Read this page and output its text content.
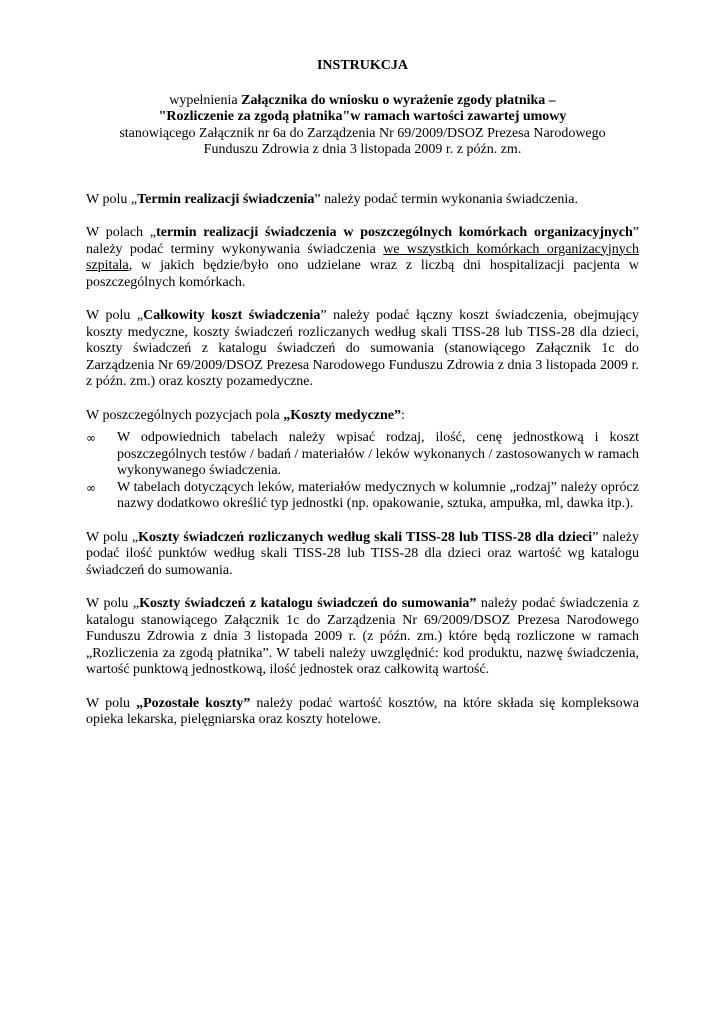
INSTRUKCJA
wypełnienia Załącznika do wniosku o wyrażenie zgody płatnika –
"Rozliczenie za zgodą płatnika"w ramach wartości zawartej umowy
stanowiącego Załącznik nr 6a do Zarządzenia Nr 69/2009/DSOZ Prezesa Narodowego
Funduszu Zdrowia z dnia 3 listopada 2009 r. z późn. zm.

W polu „Termin realizacji świadczenia” należy podać termin wykonania świadczenia.

W polach „termin realizacji świadczenia w poszczególnych komórkach organizacyjnych” należy podać terminy wykonywania świadczenia we wszystkich komórkach organizacyjnych szpitala, w jakich będzie/było ono udzielane wraz z liczbą dni hospitalizacji pacjenta w poszczególnych komórkach.

W polu „Całkowity koszt świadczenia” należy podać łączny koszt świadczenia, obejmujący koszty medyczne, koszty świadczeń rozliczanych według skali TISS-28 lub TISS-28 dla dzieci, koszty świadczeń z katalogu świadczeń do sumowania (stanowiącego Załącznik 1c do Zarządzenia Nr 69/2009/DSOZ Prezesa Narodowego Funduszu Zdrowia z dnia 3 listopada 2009 r. z późn. zm.) oraz koszty pozamedyczne.

W poszczególnych pozycjach pola „Koszty medyczne”:

∞ W odpowiednich tabelach należy wpisać rodzaj, ilość, cenę jednostkową i koszt poszczególnych testów / badań / materiałów / leków wykonanych / zastosowanych w ramach wykonywanego świadczenia.
∞ W tabelach dotyczących leków, materiałów medycznych w kolumnie „rodzaj” należy oprócz nazwy dodatkowo określić typ jednostki (np. opakowanie, sztuka, ampułka, ml, dawka itp.).

W polu „Koszty świadczeń rozliczanych według skali TISS-28 lub TISS-28 dla dzieci” należy podać ilość punktów według skali TISS-28 lub TISS-28 dla dzieci oraz wartość wg katalogu świadczeń do sumowania.

W polu „Koszty świadczeń z katalogu świadczeń do sumowania” należy podać świadczenia z katalogu stanowiącego Załącznik 1c do Zarządzenia Nr 69/2009/DSOZ Prezesa Narodowego Funduszu Zdrowia z dnia 3 listopada 2009 r. (z późn. zm.) które będą rozliczone w ramach „Rozliczenia za zgodą płatnika”. W tabeli należy uwzględnić: kod produktu, nazwę świadczenia, wartość punktową jednostkową, ilość jednostek oraz całkowitą wartość.

W polu „Pozostałe koszty” należy podać wartość kosztów, na które składa się kompleksowa opieka lekarska, pielęgniarska oraz koszty hotelowe.
